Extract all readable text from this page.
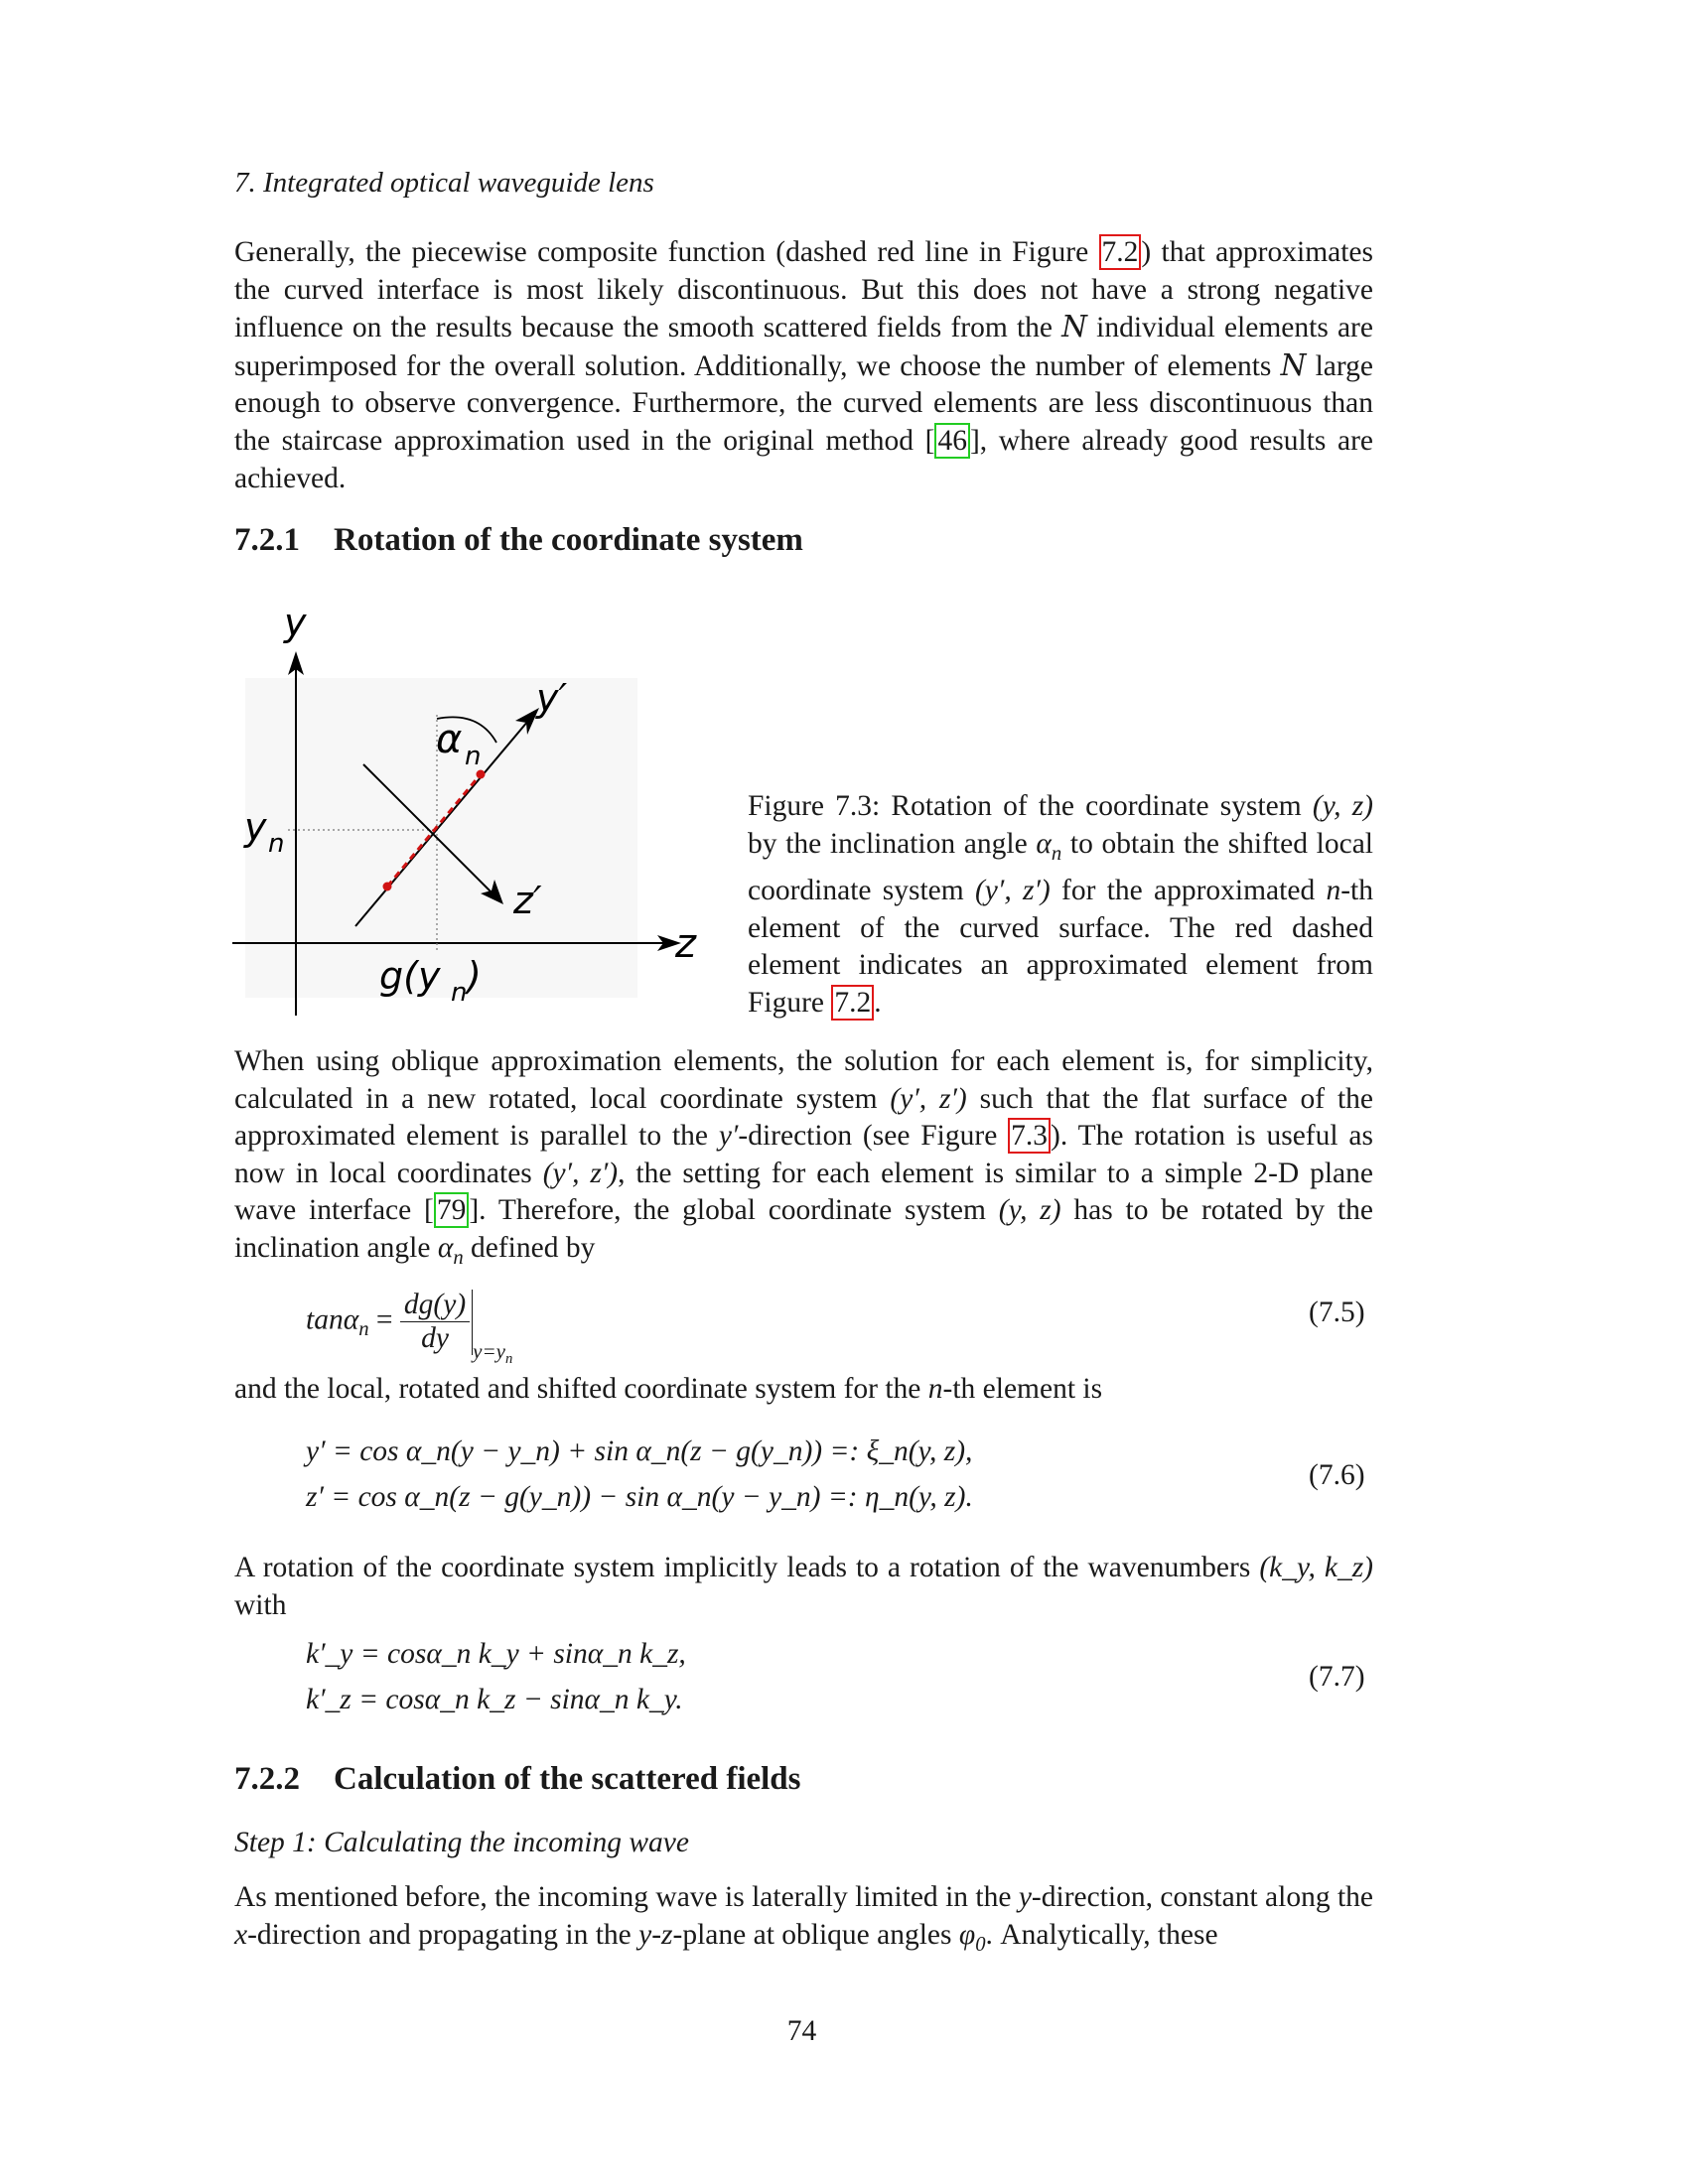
7. Integrated optical waveguide lens

Generally, the piecewise composite function (dashed red line in Figure 7.2 ) that approximates the curved interface is most likely discontinuous. But this does not have a strong negative influence on the results because the smooth scattered fields from the N individual elements are superimposed for the overall solution. Additionally, we choose the number of elements N large enough to observe convergence. Furthermore, the curved elements are less discontinuous than the staircase approximation used in the original method [ 46 ], where already good results are achieved.

7.2.1 Rotation of the coordinate system
y
y′
α n
y n
z′
z
g(y n )

Figure 7.3: Rotation of the coordinate system (y, z) by the inclination angle $\alpha_n$ to obtain the shifted local coordinate system (y′, z′) for the approximated n-th element of the curved surface. The red dashed element indicates an approximated element from Figure 7.2 .

When using oblique approximation elements, the solution for each element is, for simplicity, calculated in a new rotated, local coordinate system (y′, z′) such that the flat surface of the approximated element is parallel to the y′-direction (see Figure 7.3 ). The rotation is useful as now in local coordinates (y′, z′), the setting for each element is similar to a simple 2-D plane wave interface [ 79 ]. Therefore, the global coordinate system (y, z) has to be rotated by the inclination angle $\alpha_n$ defined by

$\tan\alpha_n = \frac{dg(y)}{dy} y=y_n$
(7.5)

and the local, rotated and shifted coordinate system for the n-th element is

y′ = cos α_n(y − y_n) + sin α_n(z − g(y_n)) =: ξ_n(y, z),
z′ = cos α_n(z − g(y_n)) − sin α_n(y − y_n) =: η_n(y, z).
(7.6)

A rotation of the coordinate system implicitly leads to a rotation of the wavenumbers (k_y, k_z) with

k′_y = cosα_n k_y + sinα_n k_z,
k′_z = cosα_n k_z − sinα_n k_y.
(7.7)
7.2.2 Calculation of the scattered fields
Step 1: Calculating the incoming wave

As mentioned before, the incoming wave is laterally limited in the y-direction, constant along the x-direction and propagating in the y-z-plane at oblique angles $\varphi_0$. Analytically, these

74
